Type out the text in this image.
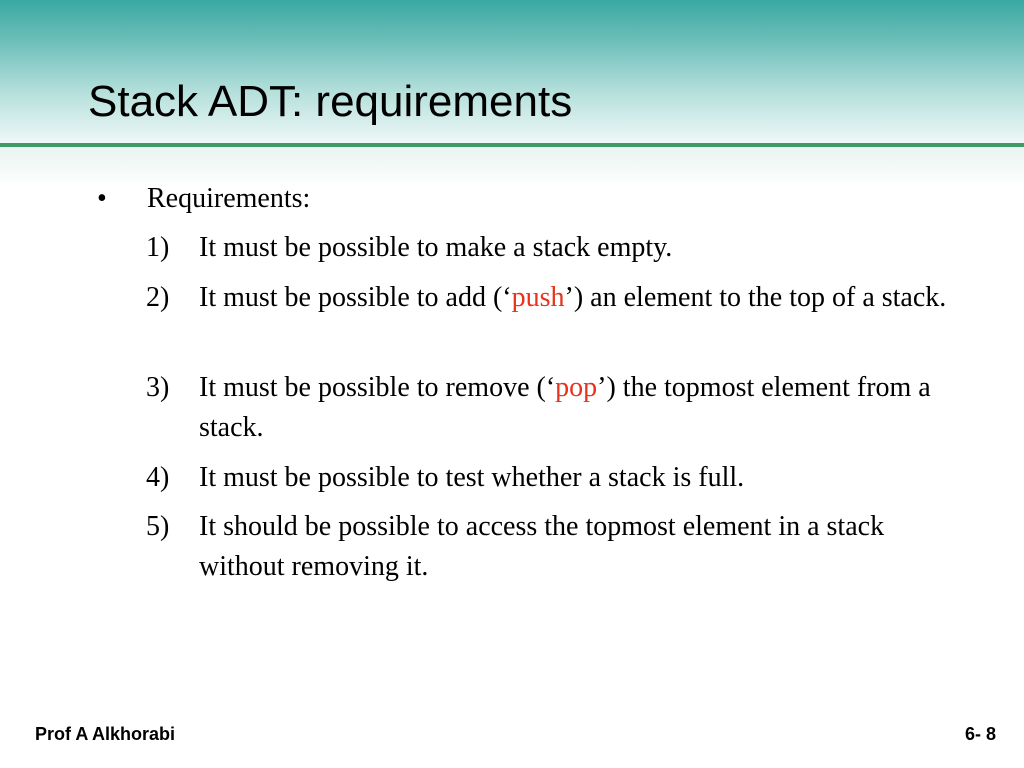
Stack ADT: requirements
• Requirements:
1) It must be possible to make a stack empty.
2) It must be possible to add (‘push’) an element to the top of a stack.
3) It must be possible to remove (‘pop’) the topmost element from a stack.
4) It must be possible to test whether a stack is full.
5) It should be possible to access the topmost element in a stack without removing it.
Prof A Alkhorabi	6- 8
